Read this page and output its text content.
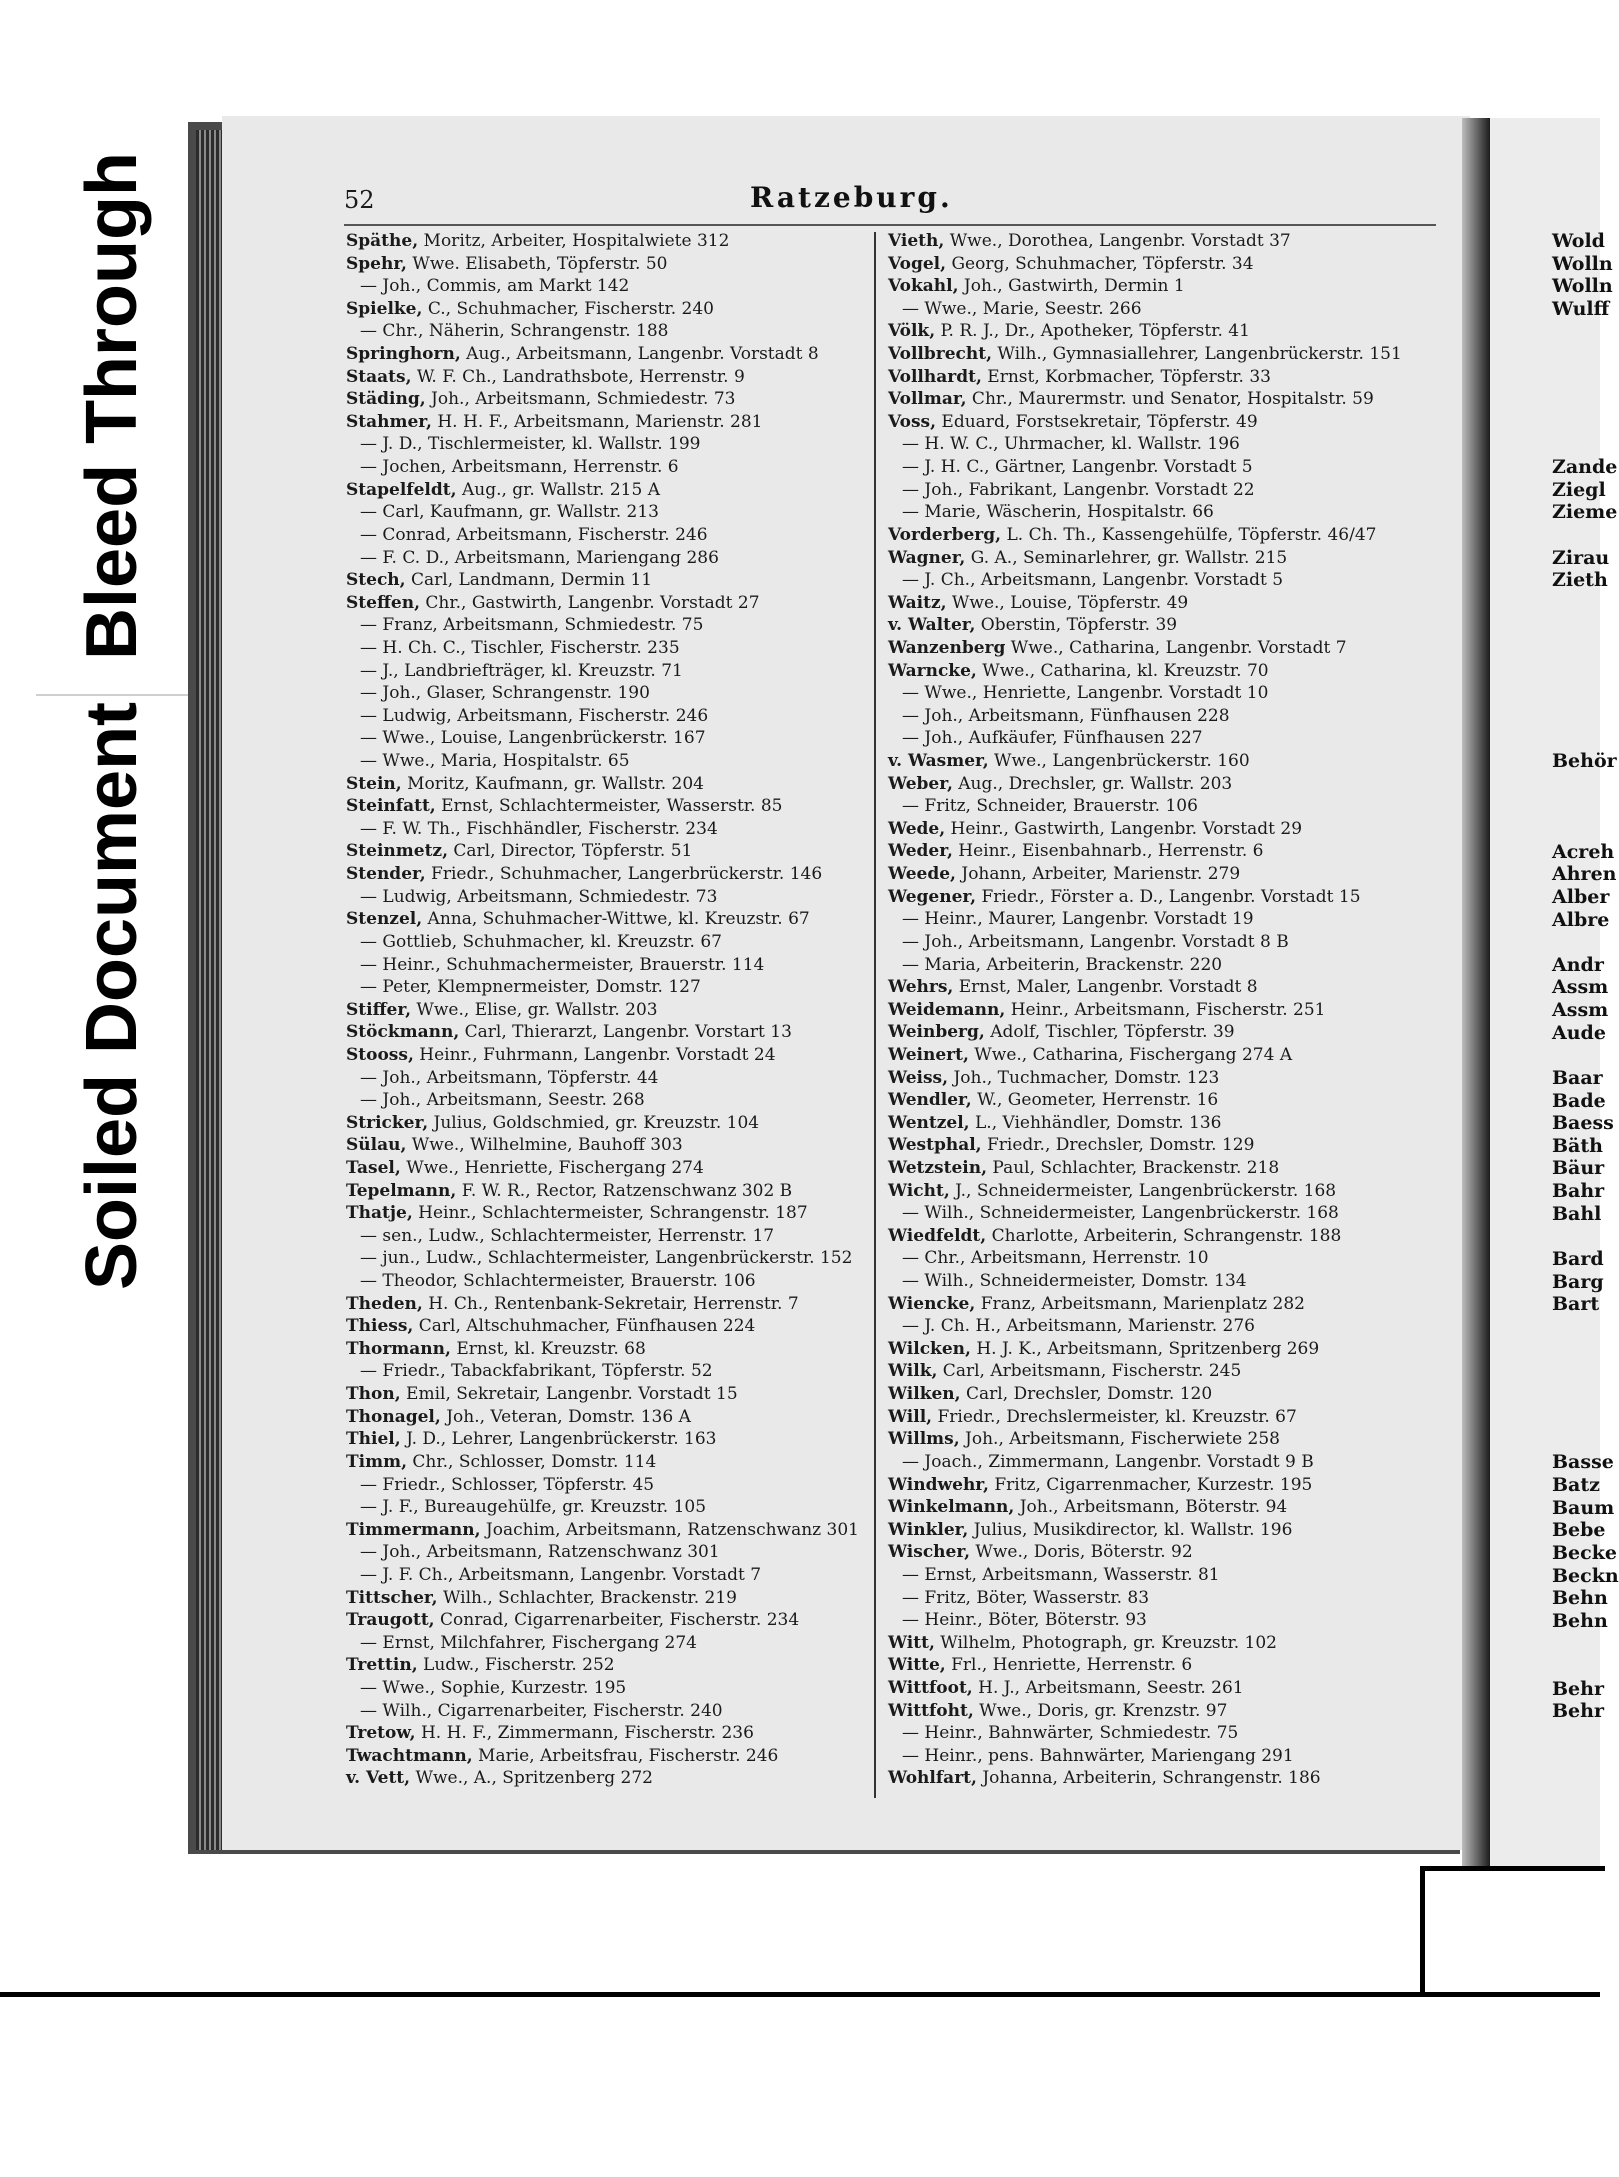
Bleed Through
Soiled Document
Wold
Wolln
Wolln
Wulff
Zande
Ziegl
Zieme
Zirau
Zieth
Behör
Acreh
Ahren
Alber
Albre
Andr
Assm
Assm
Aude
Baar
Bade
Baess
Bäth
Bäur
Bahr
Bahl
Bard
Barg
Bart
Basse
Batz
Baum
Bebe
Becke
Beckn
Behn
Behn
Behr
Behr
52	Ratzeburg.
Späthe, Moritz, Arbeiter, Hospitalwiete 312
Spehr, Wwe. Elisabeth, Töpferstr. 50
— Joh., Commis, am Markt 142
Spielke, C., Schuhmacher, Fischerstr. 240
— Chr., Näherin, Schrangenstr. 188
Springhorn, Aug., Arbeitsmann, Langenbr. Vorstadt 8
Staats, W. F. Ch., Landrathsbote, Herrenstr. 9
Städing, Joh., Arbeitsmann, Schmiedestr. 73
Stahmer, H. H. F., Arbeitsmann, Marienstr. 281
— J. D., Tischlermeister, kl. Wallstr. 199
— Jochen, Arbeitsmann, Herrenstr. 6
Stapelfeldt, Aug., gr. Wallstr. 215 A
— Carl, Kaufmann, gr. Wallstr. 213
— Conrad, Arbeitsmann, Fischerstr. 246
— F. C. D., Arbeitsmann, Mariengang 286
Stech, Carl, Landmann, Dermin 11
Steffen, Chr., Gastwirth, Langenbr. Vorstadt 27
— Franz, Arbeitsmann, Schmiedestr. 75
— H. Ch. C., Tischler, Fischerstr. 235
— J., Landbriefträger, kl. Kreuzstr. 71
— Joh., Glaser, Schrangenstr. 190
— Ludwig, Arbeitsmann, Fischerstr. 246
— Wwe., Louise, Langenbrückerstr. 167
— Wwe., Maria, Hospitalstr. 65
Stein, Moritz, Kaufmann, gr. Wallstr. 204
Steinfatt, Ernst, Schlachtermeister, Wasserstr. 85
— F. W. Th., Fischhändler, Fischerstr. 234
Steinmetz, Carl, Director, Töpferstr. 51
Stender, Friedr., Schuhmacher, Langerbrückerstr. 146
— Ludwig, Arbeitsmann, Schmiedestr. 73
Stenzel, Anna, Schuhmacher-Wittwe, kl. Kreuzstr. 67
— Gottlieb, Schuhmacher, kl. Kreuzstr. 67
— Heinr., Schuhmachermeister, Brauerstr. 114
— Peter, Klempnermeister, Domstr. 127
Stiffer, Wwe., Elise, gr. Wallstr. 203
Stöckmann, Carl, Thierarzt, Langenbr. Vorstart 13
Stooss, Heinr., Fuhrmann, Langenbr. Vorstadt 24
— Joh., Arbeitsmann, Töpferstr. 44
— Joh., Arbeitsmann, Seestr. 268
Stricker, Julius, Goldschmied, gr. Kreuzstr. 104
Sülau, Wwe., Wilhelmine, Bauhoff 303
Tasel, Wwe., Henriette, Fischergang 274
Tepelmann, F. W. R., Rector, Ratzenschwanz 302 B
Thatje, Heinr., Schlachtermeister, Schrangenstr. 187
— sen., Ludw., Schlachtermeister, Herrenstr. 17
— jun., Ludw., Schlachtermeister, Langenbrückerstr. 152
— Theodor, Schlachtermeister, Brauerstr. 106
Theden, H. Ch., Rentenbank-Sekretair, Herrenstr. 7
Thiess, Carl, Altschuhmacher, Fünfhausen 224
Thormann, Ernst, kl. Kreuzstr. 68
— Friedr., Tabackfabrikant, Töpferstr. 52
Thon, Emil, Sekretair, Langenbr. Vorstadt 15
Thonagel, Joh., Veteran, Domstr. 136 A
Thiel, J. D., Lehrer, Langenbrückerstr. 163
Timm, Chr., Schlosser, Domstr. 114
— Friedr., Schlosser, Töpferstr. 45
— J. F., Bureaugehülfe, gr. Kreuzstr. 105
Timmermann, Joachim, Arbeitsmann, Ratzenschwanz 301
— Joh., Arbeitsmann, Ratzenschwanz 301
— J. F. Ch., Arbeitsmann, Langenbr. Vorstadt 7
Tittscher, Wilh., Schlachter, Brackenstr. 219
Traugott, Conrad, Cigarrenarbeiter, Fischerstr. 234
— Ernst, Milchfahrer, Fischergang 274
Trettin, Ludw., Fischerstr. 252
— Wwe., Sophie, Kurzestr. 195
— Wilh., Cigarrenarbeiter, Fischerstr. 240
Tretow, H. H. F., Zimmermann, Fischerstr. 236
Twachtmann, Marie, Arbeitsfrau, Fischerstr. 246
v. Vett, Wwe., A., Spritzenberg 272
Vieth, Wwe., Dorothea, Langenbr. Vorstadt 37
Vogel, Georg, Schuhmacher, Töpferstr. 34
Vokahl, Joh., Gastwirth, Dermin 1
— Wwe., Marie, Seestr. 266
Völk, P. R. J., Dr., Apotheker, Töpferstr. 41
Vollbrecht, Wilh., Gymnasiallehrer, Langenbrückerstr. 151
Vollhardt, Ernst, Korbmacher, Töpferstr. 33
Vollmar, Chr., Maurermstr. und Senator, Hospitalstr. 59
Voss, Eduard, Forstsekretair, Töpferstr. 49
— H. W. C., Uhrmacher, kl. Wallstr. 196
— J. H. C., Gärtner, Langenbr. Vorstadt 5
— Joh., Fabrikant, Langenbr. Vorstadt 22
— Marie, Wäscherin, Hospitalstr. 66
Vorderberg, L. Ch. Th., Kassengehülfe, Töpferstr. 46/47
Wagner, G. A., Seminarlehrer, gr. Wallstr. 215
— J. Ch., Arbeitsmann, Langenbr. Vorstadt 5
Waitz, Wwe., Louise, Töpferstr. 49
v. Walter, Oberstin, Töpferstr. 39
Wanzenberg Wwe., Catharina, Langenbr. Vorstadt 7
Warncke, Wwe., Catharina, kl. Kreuzstr. 70
— Wwe., Henriette, Langenbr. Vorstadt 10
— Joh., Arbeitsmann, Fünfhausen 228
— Joh., Aufkäufer, Fünfhausen 227
v. Wasmer, Wwe., Langenbrückerstr. 160
Weber, Aug., Drechsler, gr. Wallstr. 203
— Fritz, Schneider, Brauerstr. 106
Wede, Heinr., Gastwirth, Langenbr. Vorstadt 29
Weder, Heinr., Eisenbahnarb., Herrenstr. 6
Weede, Johann, Arbeiter, Marienstr. 279
Wegener, Friedr., Förster a. D., Langenbr. Vorstadt 15
— Heinr., Maurer, Langenbr. Vorstadt 19
— Joh., Arbeitsmann, Langenbr. Vorstadt 8 B
— Maria, Arbeiterin, Brackenstr. 220
Wehrs, Ernst, Maler, Langenbr. Vorstadt 8
Weidemann, Heinr., Arbeitsmann, Fischerstr. 251
Weinberg, Adolf, Tischler, Töpferstr. 39
Weinert, Wwe., Catharina, Fischergang 274 A
Weiss, Joh., Tuchmacher, Domstr. 123
Wendler, W., Geometer, Herrenstr. 16
Wentzel, L., Viehhändler, Domstr. 136
Westphal, Friedr., Drechsler, Domstr. 129
Wetzstein, Paul, Schlachter, Brackenstr. 218
Wicht, J., Schneidermeister, Langenbrückerstr. 168
— Wilh., Schneidermeister, Langenbrückerstr. 168
Wiedfeldt, Charlotte, Arbeiterin, Schrangenstr. 188
— Chr., Arbeitsmann, Herrenstr. 10
— Wilh., Schneidermeister, Domstr. 134
Wiencke, Franz, Arbeitsmann, Marienplatz 282
— J. Ch. H., Arbeitsmann, Marienstr. 276
Wilcken, H. J. K., Arbeitsmann, Spritzenberg 269
Wilk, Carl, Arbeitsmann, Fischerstr. 245
Wilken, Carl, Drechsler, Domstr. 120
Will, Friedr., Drechslermeister, kl. Kreuzstr. 67
Willms, Joh., Arbeitsmann, Fischerwiete 258
— Joach., Zimmermann, Langenbr. Vorstadt 9 B
Windwehr, Fritz, Cigarrenmacher, Kurzestr. 195
Winkelmann, Joh., Arbeitsmann, Böterstr. 94
Winkler, Julius, Musikdirector, kl. Wallstr. 196
Wischer, Wwe., Doris, Böterstr. 92
— Ernst, Arbeitsmann, Wasserstr. 81
— Fritz, Böter, Wasserstr. 83
— Heinr., Böter, Böterstr. 93
Witt, Wilhelm, Photograph, gr. Kreuzstr. 102
Witte, Frl., Henriette, Herrenstr. 6
Wittfoot, H. J., Arbeitsmann, Seestr. 261
Wittfoht, Wwe., Doris, gr. Krenzstr. 97
— Heinr., Bahnwärter, Schmiedestr. 75
— Heinr., pens. Bahnwärter, Mariengang 291
Wohlfart, Johanna, Arbeiterin, Schrangenstr. 186
